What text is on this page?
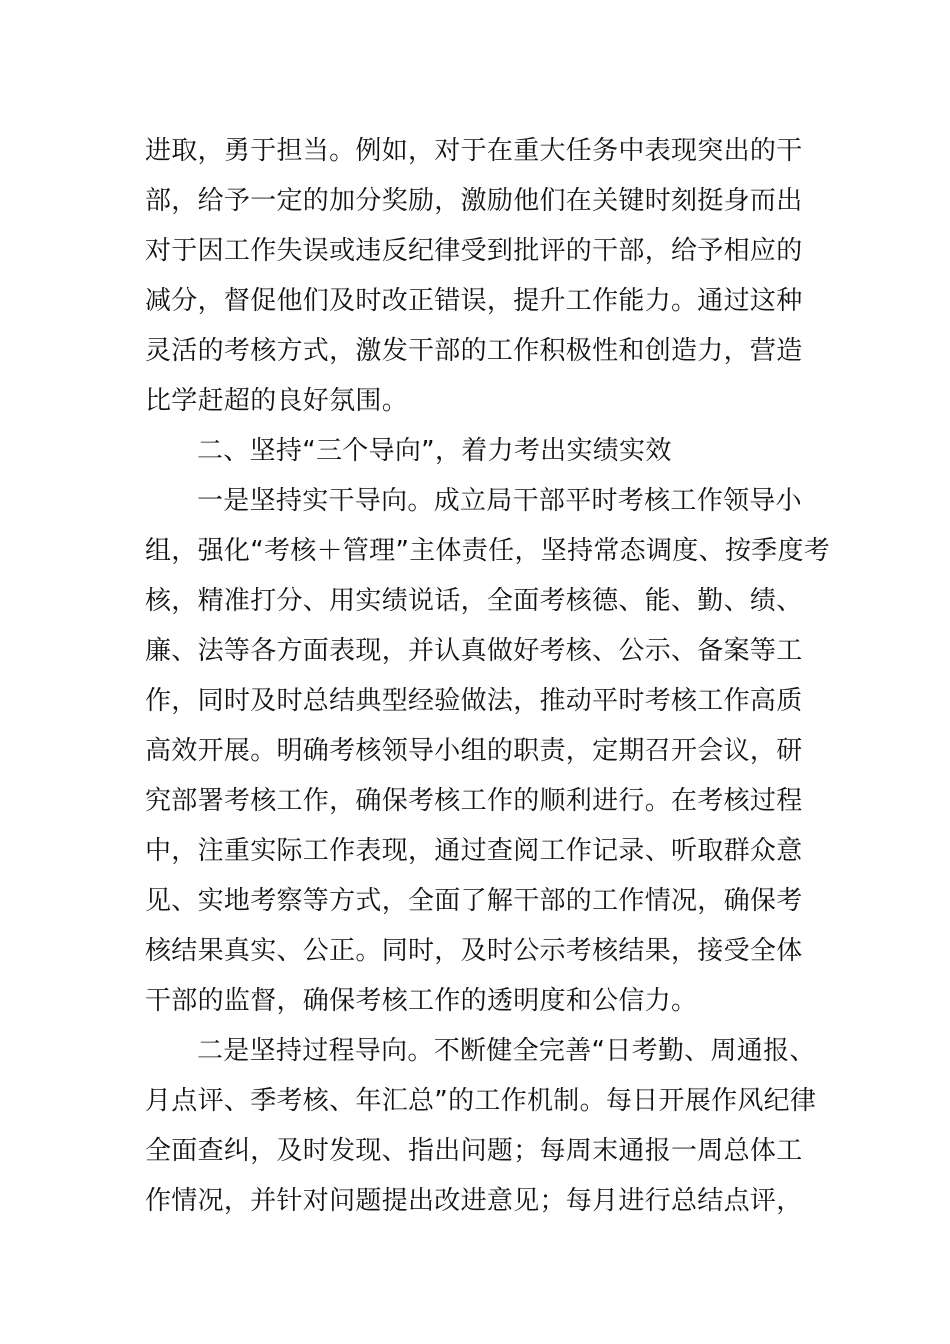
进取，勇于担当。例如，对于在重大任务中表现突出的干
部，给予一定的加分奖励，激励他们在关键时刻挺身而出
对于因工作失误或违反纪律受到批评的干部，给予相应的
减分，督促他们及时改正错误，提升工作能力。通过这种
灵活的考核方式，激发干部的工作积极性和创造力，营造
比学赶超的良好氛围。
二、坚持“三个导向”，着力考出实绩实效
一是坚持实干导向。成立局干部平时考核工作领导小
组，强化“考核＋管理”主体责任，坚持常态调度、按季度考
核，精准打分、用实绩说话，全面考核德、能、勤、绩、
廉、法等各方面表现，并认真做好考核、公示、备案等工
作，同时及时总结典型经验做法，推动平时考核工作高质
高效开展。明确考核领导小组的职责，定期召开会议，研
究部署考核工作，确保考核工作的顺利进行。在考核过程
中，注重实际工作表现，通过查阅工作记录、听取群众意
见、实地考察等方式，全面了解干部的工作情况，确保考
核结果真实、公正。同时，及时公示考核结果，接受全体
干部的监督，确保考核工作的透明度和公信力。
二是坚持过程导向。不断健全完善“日考勤、周通报、
月点评、季考核、年汇总”的工作机制。每日开展作风纪律
全面查纠，及时发现、指出问题；每周末通报一周总体工
作情况，并针对问题提出改进意见；每月进行总结点评，
